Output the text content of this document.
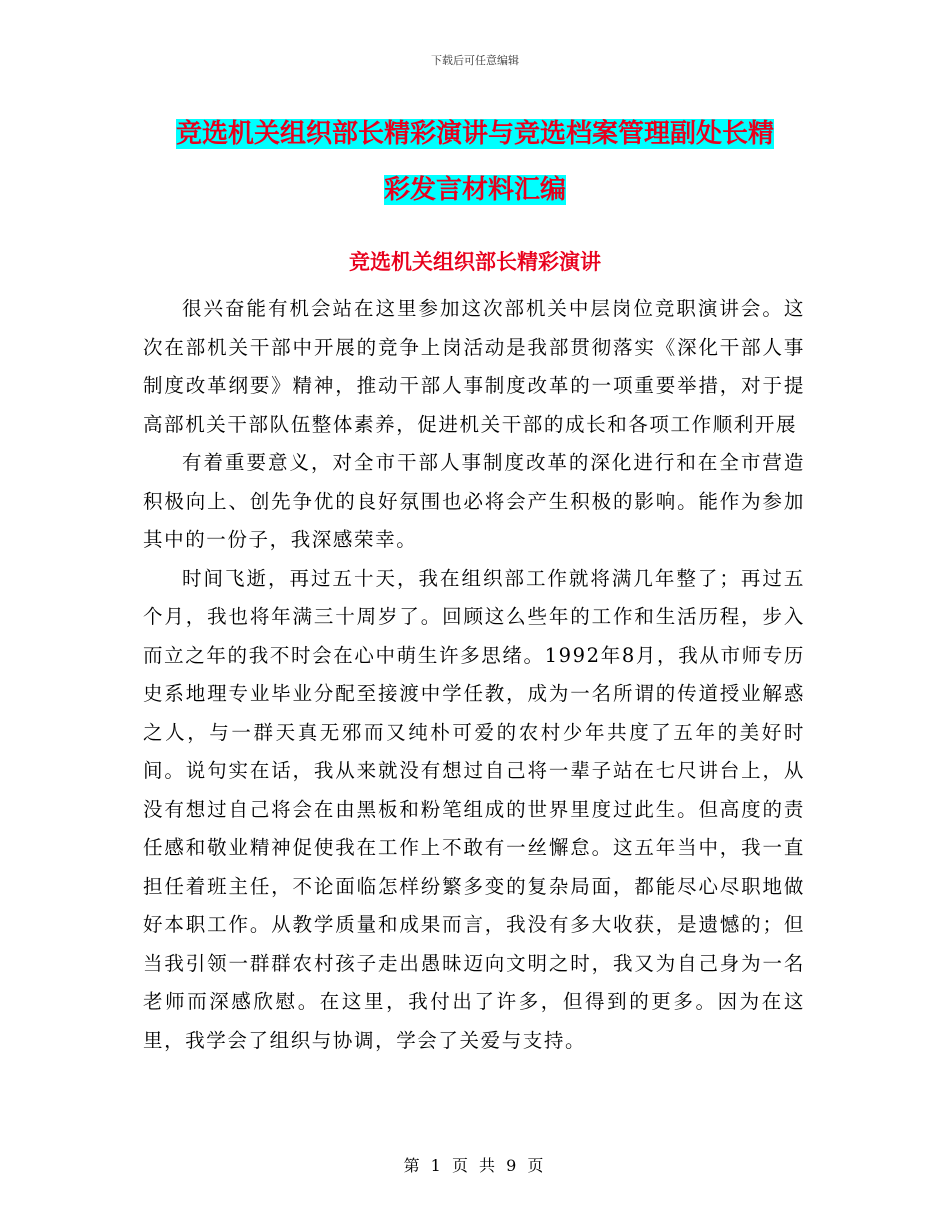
下载后可任意编辑
竞选机关组织部长精彩演讲与竞选档案管理副处长精
彩发言材料汇编
竞选机关组织部长精彩演讲

很兴奋能有机会站在这里参加这次部机关中层岗位竞职演讲会。这次在部机关干部中开展的竞争上岗活动是我部贯彻落实《深化干部人事制度改革纲要》精神，推动干部人事制度改革的一项重要举措，对于提高部机关干部队伍整体素养，促进机关干部的成长和各项工作顺利开展

有着重要意义，对全市干部人事制度改革的深化进行和在全市营造积极向上、创先争优的良好氛围也必将会产生积极的影响。能作为参加其中的一份子，我深感荣幸。

时间飞逝，再过五十天，我在组织部工作就将满几年整了；再过五个月，我也将年满三十周岁了。回顾这么些年的工作和生活历程，步入而立之年的我不时会在心中萌生许多思绪。1992年8月，我从市师专历史系地理专业毕业分配至接渡中学任教，成为一名所谓的传道授业解惑之人，与一群天真无邪而又纯朴可爱的农村少年共度了五年的美好时间。说句实在话，我从来就没有想过自己将一辈子站在七尺讲台上，从没有想过自己将会在由黑板和粉笔组成的世界里度过此生。但高度的责任感和敬业精神促使我在工作上不敢有一丝懈怠。这五年当中，我一直担任着班主任，不论面临怎样纷繁多变的复杂局面，都能尽心尽职地做好本职工作。从教学质量和成果而言，我没有多大收获，是遗憾的；但当我引领一群群农村孩子走出愚昧迈向文明之时，我又为自己身为一名老师而深感欣慰。在这里，我付出了许多，但得到的更多。因为在这里，我学会了组织与协调，学会了关爱与支持。

第 1 页 共 9 页
